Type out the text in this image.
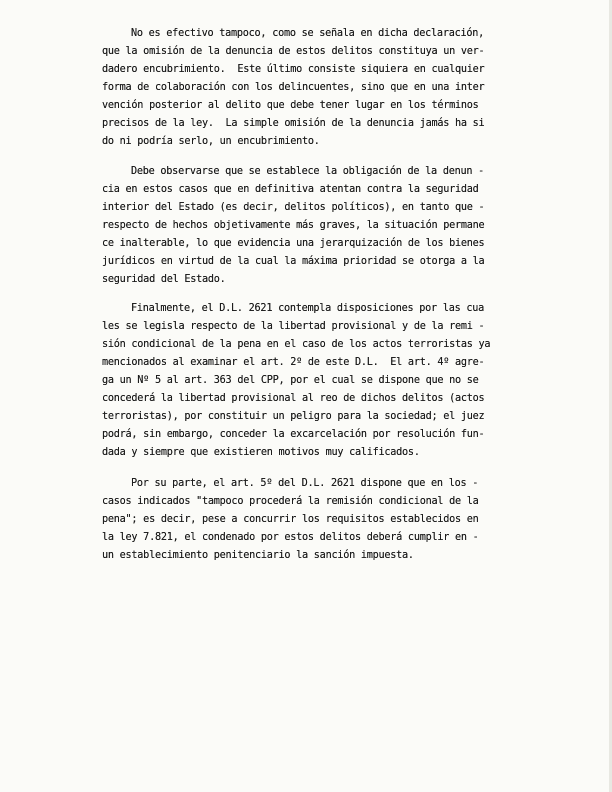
No es efectivo tampoco, como se señala en dicha declaración,
que la omisión de la denuncia de estos delitos constituya un ver-
dadero encubrimiento.  Este último consiste siquiera en cualquier
forma de colaboración con los delincuentes, sino que en una inter
vención posterior al delito que debe tener lugar en los términos
precisos de la ley.  La simple omisión de la denuncia jamás ha si
do ni podría serlo, un encubrimiento.
Debe observarse que se establece la obligación de la denun -
cia en estos casos que en definitiva atentan contra la seguridad
interior del Estado (es decir, delitos políticos), en tanto que -
respecto de hechos objetivamente más graves, la situación permane
ce inalterable, lo que evidencia una jerarquización de los bienes
jurídicos en virtud de la cual la máxima prioridad se otorga a la
seguridad del Estado.
Finalmente, el D.L. 2621 contempla disposiciones por las cua
les se legisla respecto de la libertad provisional y de la remi -
sión condicional de la pena en el caso de los actos terroristas ya
mencionados al examinar el art. 2º de este D.L.  El art. 4º agre-
ga un Nº 5 al art. 363 del CPP, por el cual se dispone que no se
concederá la libertad provisional al reo de dichos delitos (actos
terroristas), por constituir un peligro para la sociedad; el juez
podrá, sin embargo, conceder la excarcelación por resolución fun-
dada y siempre que existieren motivos muy calificados.
Por su parte, el art. 5º del D.L. 2621 dispone que en los -
casos indicados "tampoco procederá la remisión condicional de la
pena"; es decir, pese a concurrir los requisitos establecidos en
la ley 7.821, el condenado por estos delitos deberá cumplir en -
un establecimiento penitenciario la sanción impuesta.
